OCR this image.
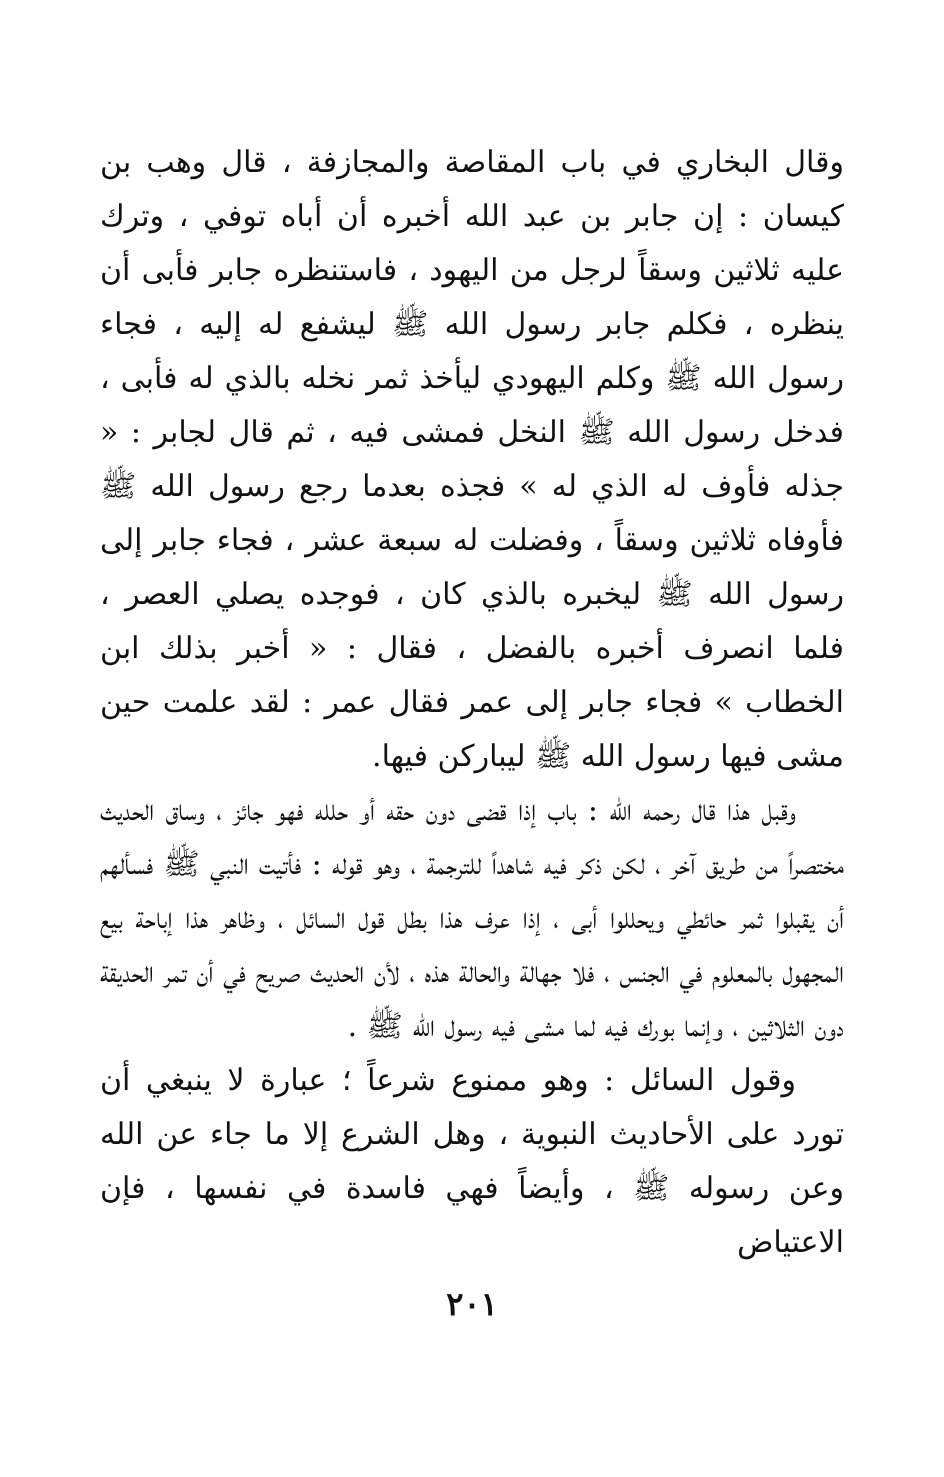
وقال البخاري في باب المقاصة والمجازفة ، قال وهب بن كيسان : إن جابر بن عبد الله أخبره أن أباه توفي ، وترك عليه ثلاثين وسقاً لرجل من اليهود ، فاستنظره جابر فأبى أن ينظره ، فكلم جابر رسول الله ﷺ ليشفع له إليه ، فجاء رسول الله ﷺ وكلم اليهودي ليأخذ ثمر نخله بالذي له فأبى ، فدخل رسول الله ﷺ النخل فمشى فيه ، ثم قال لجابر : « جذله فأوف له الذي له » فجذه بعدما رجع رسول الله ﷺ فأوفاه ثلاثين وسقاً ، وفضلت له سبعة عشر ، فجاء جابر إلى رسول الله ﷺ ليخبره بالذي كان ، فوجده يصلي العصر ، فلما انصرف أخبره بالفضل ، فقال : « أخبر بذلك ابن الخطاب » فجاء جابر إلى عمر فقال عمر : لقد علمت حين مشى فيها رسول الله ﷺ ليباركن فيها.

وقبل هذا قال رحمه الله : باب إذا قضى دون حقه أو حلله فهو جائز ، وساق الحديث مختصراً من طريق آخر ، لكن ذكر فيه شاهداً للترجمة ، وهو قوله : فأتيت النبي ﷺ فسألهم أن يقبلوا ثمر حائطي ويحللوا أبى ، إذا عرف هذا بطل قول السائل ، وظاهر هذا إباحة بيع المجهول بالمعلوم في الجنس ، فلا جهالة والحالة هذه ، لأن الحديث صريح في أن تمر الحديقة دون الثلاثين ، وإنما بورك فيه لما مشى فيه رسول الله ﷺ .

وقول السائل : وهو ممنوع شرعاً ؛ عبارة لا ينبغي أن تورد على الأحاديث النبوية ، وهل الشرع إلا ما جاء عن الله وعن رسوله ﷺ ، وأيضاً فهي فاسدة في نفسها ، فإن الاعتياض

٢٠١
